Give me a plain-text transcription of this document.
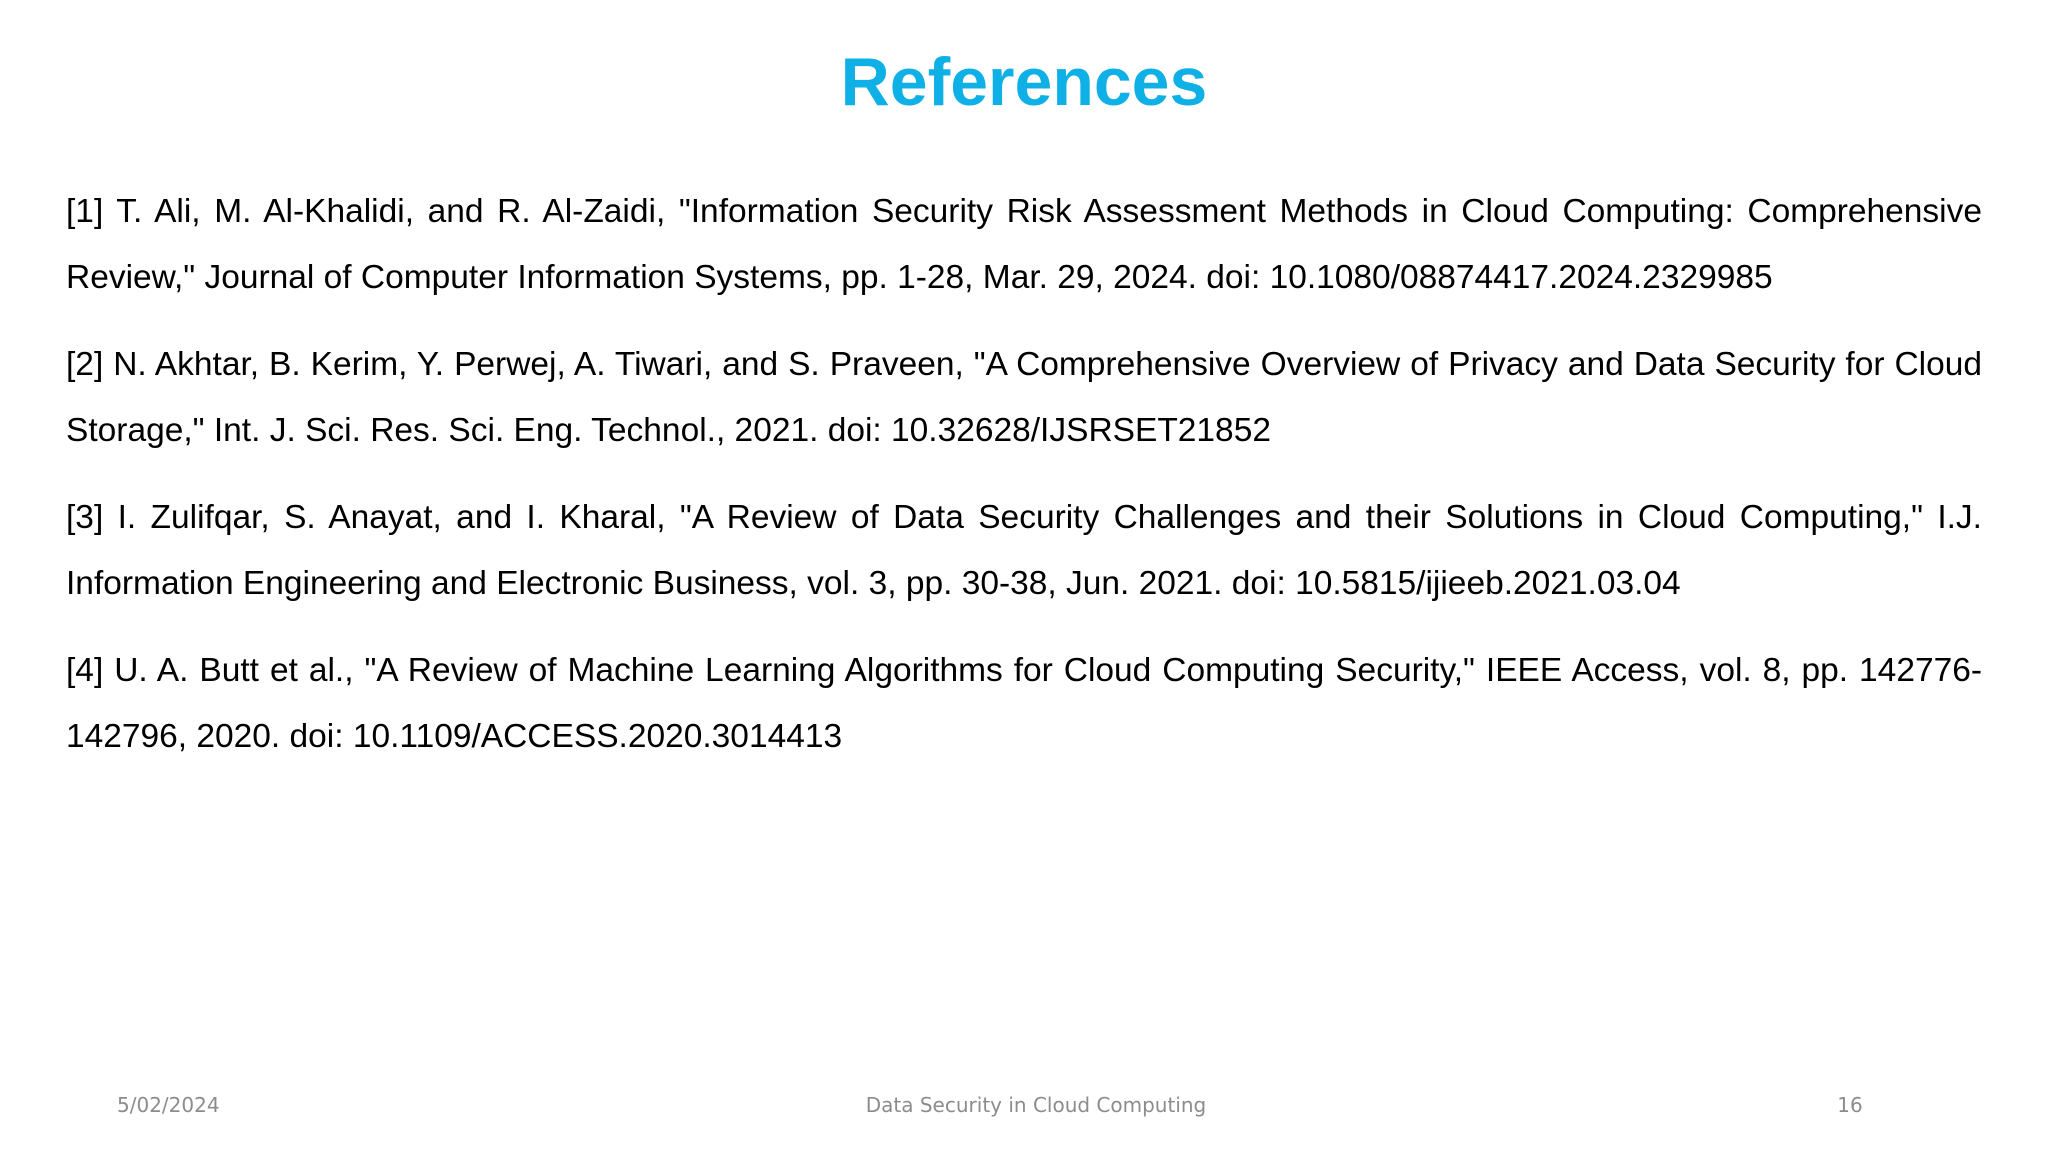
References

[1] T. Ali, M. Al-Khalidi, and R. Al-Zaidi, "Information Security Risk Assessment Methods in Cloud Computing: Comprehensive Review," Journal of Computer Information Systems, pp. 1-28, Mar. 29, 2024. doi: 10.1080/08874417.2024.2329985

[2] N. Akhtar, B. Kerim, Y. Perwej, A. Tiwari, and S. Praveen, "A Comprehensive Overview of Privacy and Data Security for Cloud Storage," Int. J. Sci. Res. Sci. Eng. Technol., 2021. doi: 10.32628/IJSRSET21852

[3] I. Zulifqar, S. Anayat, and I. Kharal, "A Review of Data Security Challenges and their Solutions in Cloud Computing," I.J. Information Engineering and Electronic Business, vol. 3, pp. 30-38, Jun. 2021. doi: 10.5815/ijieeb.2021.03.04

[4] U. A. Butt et al., "A Review of Machine Learning Algorithms for Cloud Computing Security," IEEE Access, vol. 8, pp. 142776-142796, 2020. doi: 10.1109/ACCESS.2020.3014413

5/02/2024	Data Security in Cloud Computing	16
